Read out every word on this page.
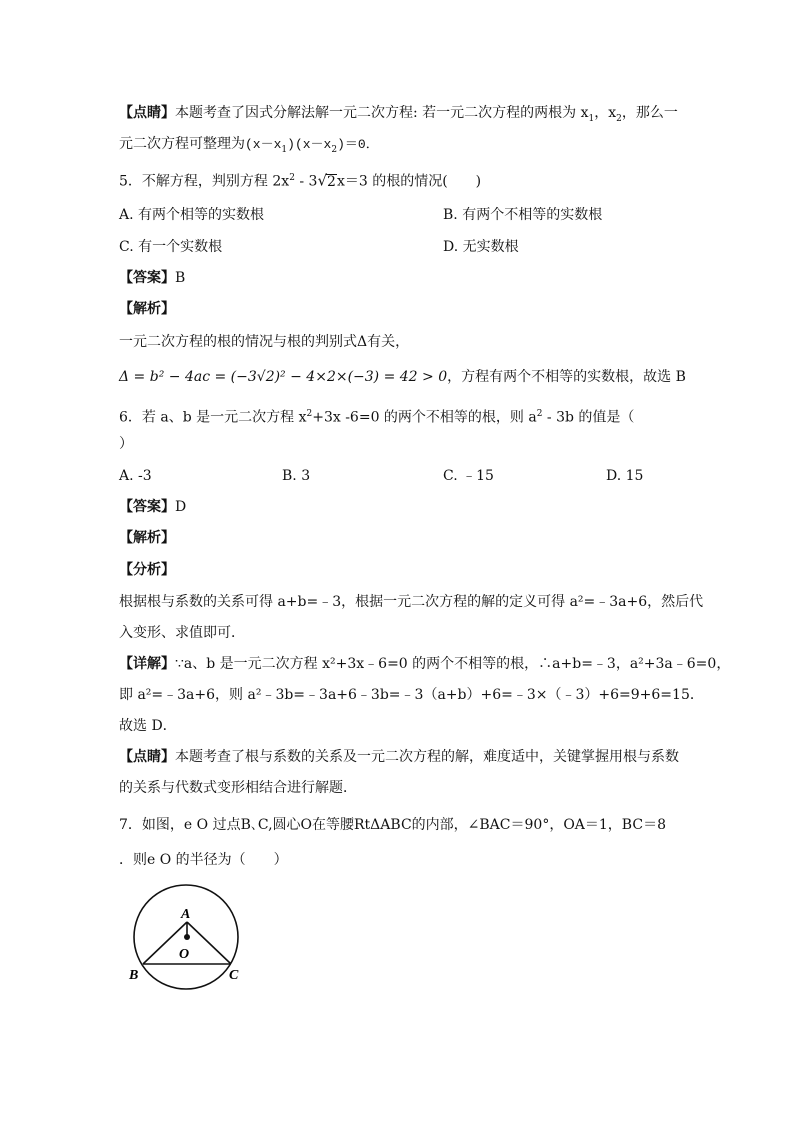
【点睛】本题考查了因式分解法解一元二次方程: 若一元二次方程的两根为 $x_1$，$x_2$，那么一
元二次方程可整理为$(x-x_1)(x-x_2)=0$．
5．不解方程，判别方程 $2x^2 - 3√2x=3$ 的根的情况(　　)
A. 有两个相等的实数根	B. 有两个不相等的实数根
C. 有一个实数根	D. 无实数根
【答案】B
【解析】
一元二次方程的根的情况与根的判别式Δ有关，
Δ = b² − 4ac = (−3√2)² − 4×2×(−3) = 42 > 0，方程有两个不相等的实数根，故选 B
6．若 a、b 是一元二次方程 $x^2+3x$ -6=0 的两个不相等的根，则 $a^2 - 3b$ 的值是（
）
A. -3	B. 3	C. ﹣15	D. 15
【答案】D
【解析】
【分析】
根据根与系数的关系可得 a+b=﹣3，根据一元二次方程的解的定义可得 a²=﹣3a+6，然后代
入变形、求值即可．
【详解】∵a、b 是一元二次方程 x²+3x﹣6=0 的两个不相等的根，∴a+b=﹣3，a²+3a﹣6=0，
即 a²=﹣3a+6，则 a²﹣3b=﹣3a+6﹣3b=﹣3（a+b）+6=﹣3×（﹣3）+6=9+6=15．
故选 D．
【点睛】本题考查了根与系数的关系及一元二次方程的解，难度适中，关键掌握用根与系数
的关系与代数式变形相结合进行解题．
7．如图，e O 过点B､C,圆心O在等腰RtΔABC的内部，∠BAC＝90°，OA＝1，BC＝8
．则e O 的半径为（　　）
A
O
B	C
